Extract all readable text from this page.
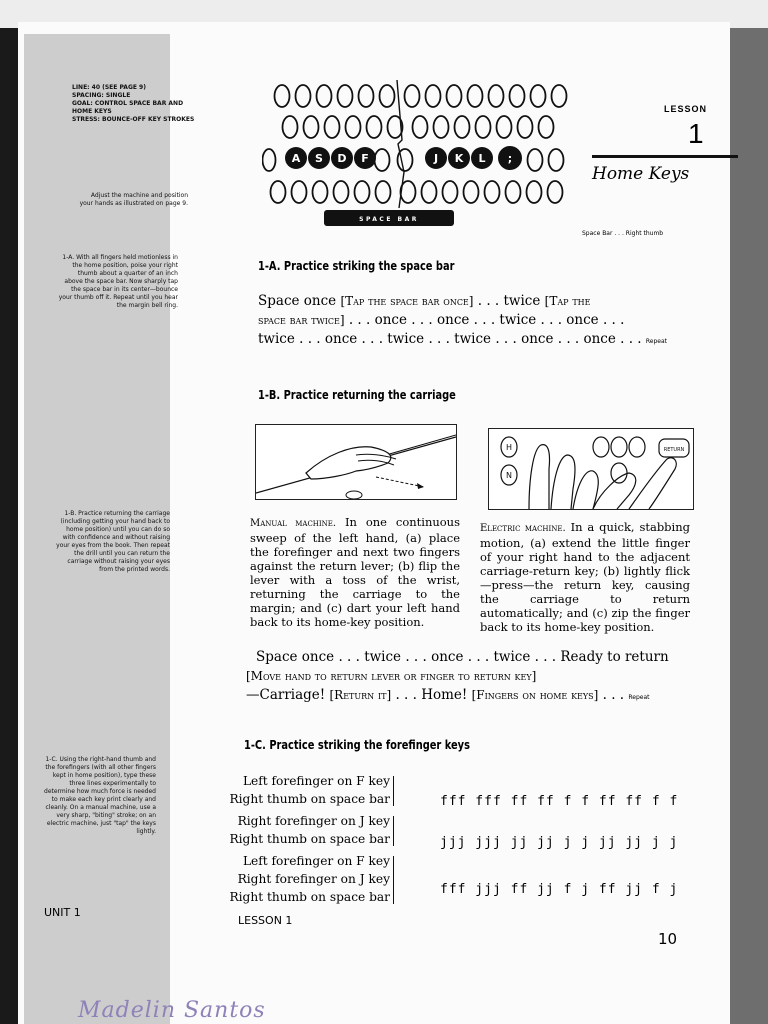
LINE: 40 (SEE PAGE 9)
SPACING: SINGLE
GOAL: CONTROL SPACE BAR AND HOME KEYS
STRESS: BOUNCE-OFF KEY STROKES
Adjust the machine and position your hands as illustrated on page 9.
1-A. With all fingers held motionless in the home position, poise your right thumb about a quarter of an inch above the space bar. Now sharply tap the space bar in its center—bounce your thumb off it. Repeat until you hear the margin bell ring.
1-B. Practice returning the carriage (including getting your hand back to home position) until you can do so with confidence and without raising your eyes from the book. Then repeat the drill until you can return the carriage without raising your eyes from the printed words.
1-C. Using the right-hand thumb and the forefingers (with all other fingers kept in home position), type these three lines experimentally to determine how much force is needed to make each key print clearly and cleanly. On a manual machine, use a very sharp, "biting" stroke; on an electric machine, just "tap" the keys lightly.
UNIT 1
A S D F	J K L ;
SPACE BAR
LESSON
1
Home Keys
Space Bar . . . Right thumb
1-A. Practice striking the space bar
Space once [Tap the space bar once] . . . twice [Tap the
space bar twice] . . . once . . . once . . . twice . . . once . . .
twice . . . once . . . twice . . . twice . . . once . . . once . . . Repeat
1-B. Practice returning the carriage
H
N
RETURN
Manual machine. In one continuous sweep of the left hand, (a) place the forefinger and next two fingers against the return lever; (b) flip the lever with a toss of the wrist, returning the carriage to the margin; and (c) dart your left hand back to its home-key position.
Electric machine. In a quick, stabbing motion, (a) extend the little finger of your right hand to the adjacent carriage-return key; (b) lightly flick—press—the return key, causing the carriage to return automatically; and (c) zip the finger back to its home-key position.
Space once . . . twice . . . once . . . twice . . . Ready to return
[Move hand to return lever or finger to return key]
—Carriage! [Return it] . . . Home! [Fingers on home keys] . . . Repeat
1-C. Practice striking the forefinger keys
Left forefinger on F key
Right thumb on space bar	fff fff ff ff f f ff ff f f
Right forefinger on J key
Right thumb on space bar	jjj jjj jj jj j j jj jj j j
Left forefinger on F key
Right forefinger on J key
Right thumb on space bar	fff jjj ff jj f j ff jj f j
LESSON 1
10
Madelin Santos
